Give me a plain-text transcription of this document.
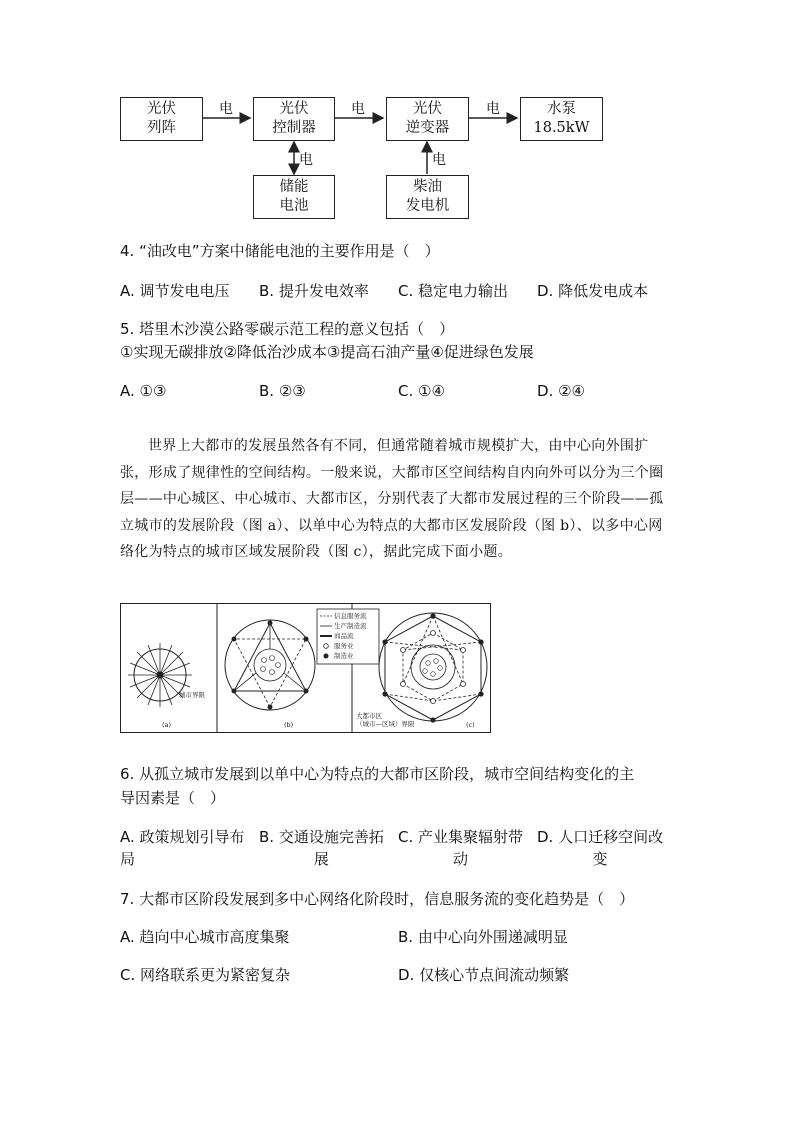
光伏
列阵
光伏
控制器
光伏
逆变器
水泵
18.5kW
储能
电池
柴油
发电机
电	电	电
电	电
4. “油改电”方案中储能电池的主要作用是（　）
A. 调节发电电压 B. 提升发电效率 C. 稳定电力输出 D. 降低发电成本
5. 塔里木沙漠公路零碳示范工程的意义包括（　）
①实现无碳排放②降低治沙成本③提高石油产量④促进绿色发展
A. ①③	B. ②③	C. ①④	D. ②④
世界上大都市的发展虽然各有不同，但通常随着城市规模扩大，由中心向外围扩张，形成了规律性的空间结构。一般来说，大都市区空间结构自内向外可以分为三个圈层——中心城区、中心城市、大都市区，分别代表了大都市发展过程的三个阶段——孤立城市的发展阶段（图 a）、以单中心为特点的大都市区发展阶段（图 b）、以多中心网络化为特点的城市区域发展阶段（图 c），据此完成下面小题。
信息服务流
生产制造流
商品流
服务业
制造业
城市界限
大都市区
（城市—区域）界限
(a)	(b)	(c)
6. 从孤立城市发展到以单中心为特点的大都市区阶段，城市空间结构变化的主
导因素是（　）
A. 政策规划引导布
局
B. 交通设施完善拓
展
C. 产业集聚辐射带
动
D. 人口迁移空间改
变
7. 大都市区阶段发展到多中心网络化阶段时，信息服务流的变化趋势是（　）
A. 趋向中心城市高度集聚	B. 由中心向外围递减明显
C. 网络联系更为紧密复杂	D. 仅核心节点间流动频繁
